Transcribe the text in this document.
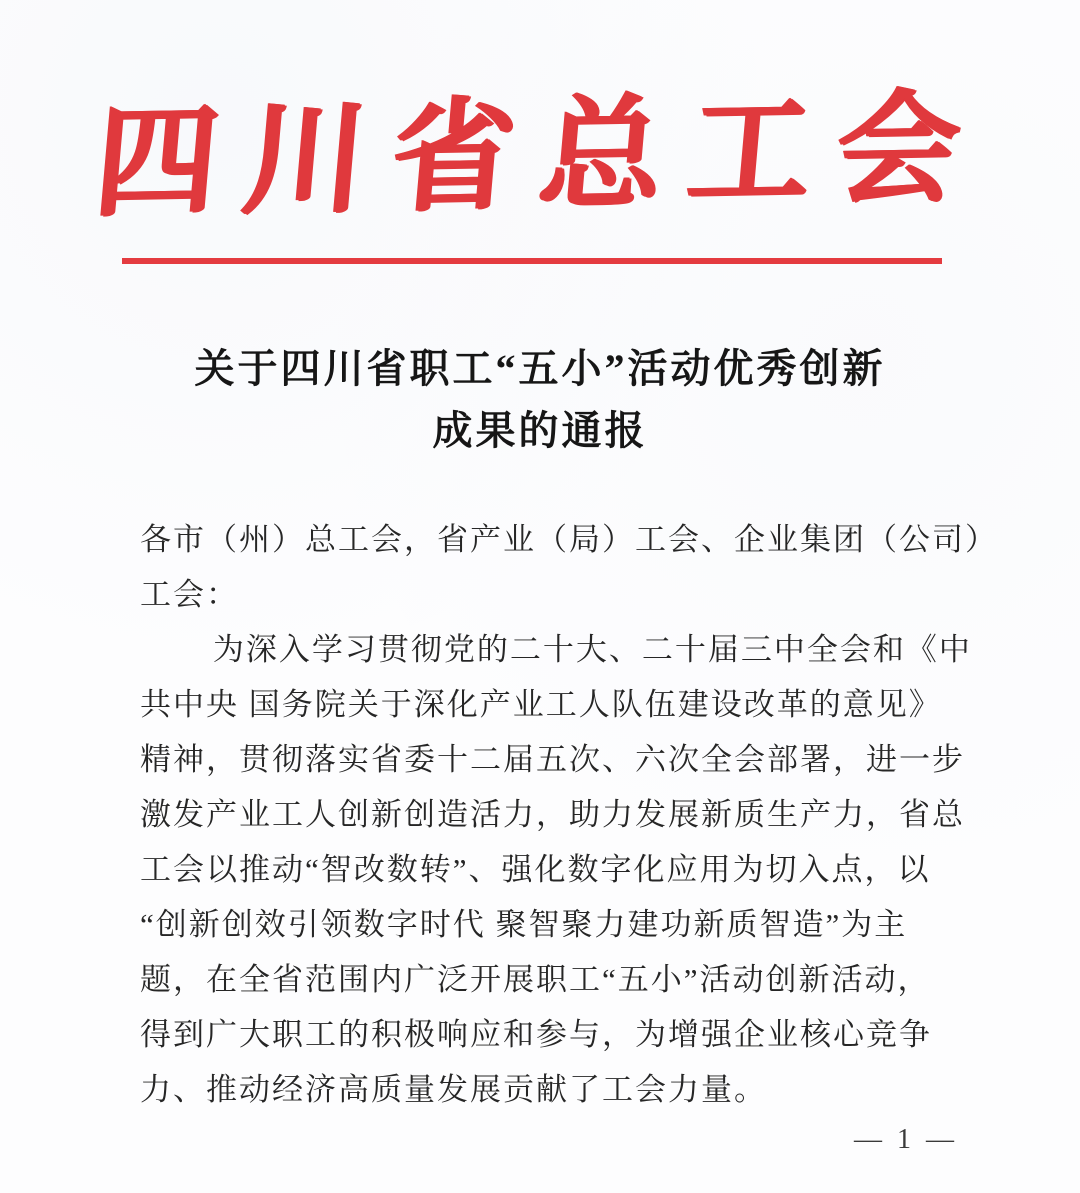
四川省总工会
关于四川省职工“五小”活动优秀创新
成果的通报
各市（州）总工会，省产业（局）工会、企业集团（公司）
工会：
为深入学习贯彻党的二十大、二十届三中全会和《中
共中央 国务院关于深化产业工人队伍建设改革的意见》
精神，贯彻落实省委十二届五次、六次全会部署，进一步
激发产业工人创新创造活力，助力发展新质生产力，省总
工会以推动“智改数转”、强化数字化应用为切入点，以
“创新创效引领数字时代 聚智聚力建功新质智造”为主
题，在全省范围内广泛开展职工“五小”活动创新活动，
得到广大职工的积极响应和参与，为增强企业核心竞争
力、推动经济高质量发展贡献了工会力量。
— 1 —
